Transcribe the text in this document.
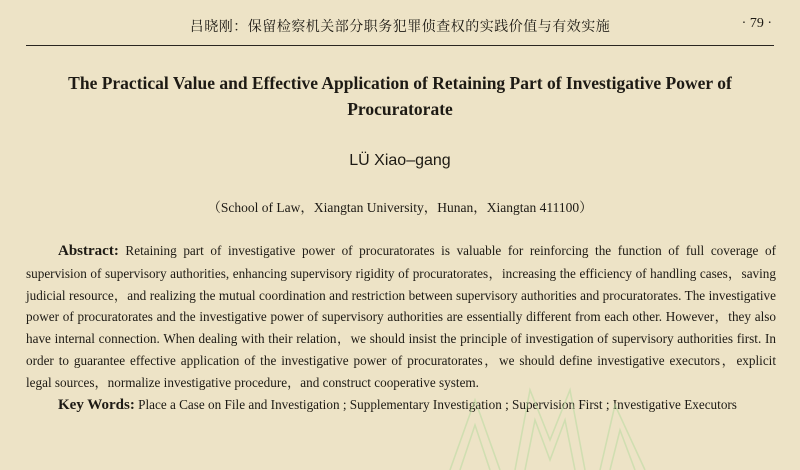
吕晓刚：保留检察机关部分职务犯罪侦查权的实践价值与有效实施	· 79 ·
The Practical Value and Effective Application of Retaining Part of Investigative Power of Procuratorate
LÜ Xiao–gang
（School of Law，Xiangtan University，Hunan，Xiangtan 411100）

Abstract: Retaining part of investigative power of procuratorates is valuable for reinforcing the function of full coverage of supervision of supervisory authorities, enhancing supervisory rigidity of procuratorates，increasing the efficiency of handling cases，saving judicial resource，and realizing the mutual coordination and restriction between supervisory authorities and procuratorates. The investigative power of procuratorates and the investigative power of supervisory authorities are essentially different from each other. However，they also have internal connection. When dealing with their relation，we should insist the principle of investigation of supervisory authorities first. In order to guarantee effective application of the investigative power of procuratorates，we should define investigative executors，explicit legal sources，normalize investigative procedure，and construct cooperative system.

Key Words: Place a Case on File and Investigation ; Supplementary Investigation ; Supervision First ; Investigative Executors
